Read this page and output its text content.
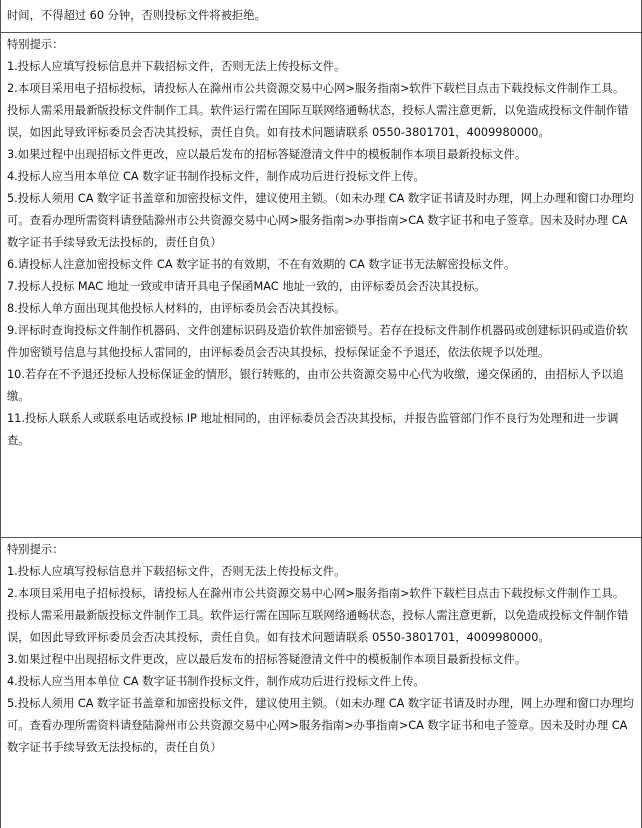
时间，不得超过 60 分钟，否则投标文件将被拒绝。
特别提示：

1.投标人应填写投标信息并下载招标文件，否则无法上传投标文件。

2.本项目采用电子招标投标，请投标人在滁州市公共资源交易中心网>服务指南>软件下载栏目点击下载投标文件制作工具。投标人需采用最新版投标文件制作工具。软件运行需在国际互联网络通畅状态，投标人需注意更新，以免造成投标文件制作错误，如因此导致评标委员会否决其投标，责任自负。如有技术问题请联系 0550-3801701，4009980000。

3.如果过程中出现招标文件更改，应以最后发布的招标答疑澄清文件中的模板制作本项目最新投标文件。

4.投标人应当用本单位 CA 数字证书制作投标文件，制作成功后进行投标文件上传。

5.投标人须用 CA 数字证书盖章和加密投标文件，建议使用主锁。（如未办理 CA 数字证书请及时办理，网上办理和窗口办理均可。查看办理所需资料请登陆滁州市公共资源交易中心网>服务指南>办事指南>CA 数字证书和电子签章。因未及时办理 CA 数字证书手续导致无法投标的，责任自负）

6.请投标人注意加密投标文件 CA 数字证书的有效期，不在有效期的 CA 数字证书无法解密投标文件。

7.投标人投标 MAC 地址一致或申请开具电子保函MAC 地址一致的，由评标委员会否决其投标。

8.投标人单方面出现其他投标人材料的，由评标委员会否决其投标。

9.评标时查询投标文件制作机器码、文件创建标识码及造价软件加密锁号。若存在投标文件制作机器码或创建标识码或造价软件加密锁号信息与其他投标人雷同的，由评标委员会否决其投标，投标保证金不予退还，依法依规予以处理。

10.若存在不予退还投标人投标保证金的情形，银行转账的，由市公共资源交易中心代为收缴，递交保函的，由招标人予以追缴。

11.投标人联系人或联系电话或投标 IP 地址相同的，由评标委员会否决其投标，并报告监管部门作不良行为处理和进一步调查。

特别提示：

1.投标人应填写投标信息并下载招标文件，否则无法上传投标文件。

2.本项目采用电子招标投标，请投标人在滁州市公共资源交易中心网>服务指南>软件下载栏目点击下载投标文件制作工具。投标人需采用最新版投标文件制作工具。软件运行需在国际互联网络通畅状态，投标人需注意更新，以免造成投标文件制作错误，如因此导致评标委员会否决其投标，责任自负。如有技术问题请联系 0550-3801701，4009980000。

3.如果过程中出现招标文件更改，应以最后发布的招标答疑澄清文件中的模板制作本项目最新投标文件。

4.投标人应当用本单位 CA 数字证书制作投标文件，制作成功后进行投标文件上传。

5.投标人须用 CA 数字证书盖章和加密投标文件，建议使用主锁。（如未办理 CA 数字证书请及时办理，网上办理和窗口办理均可。查看办理所需资料请登陆滁州市公共资源交易中心网>服务指南>办事指南>CA 数字证书和电子签章。因未及时办理 CA 数字证书手续导致无法投标的，责任自负）
